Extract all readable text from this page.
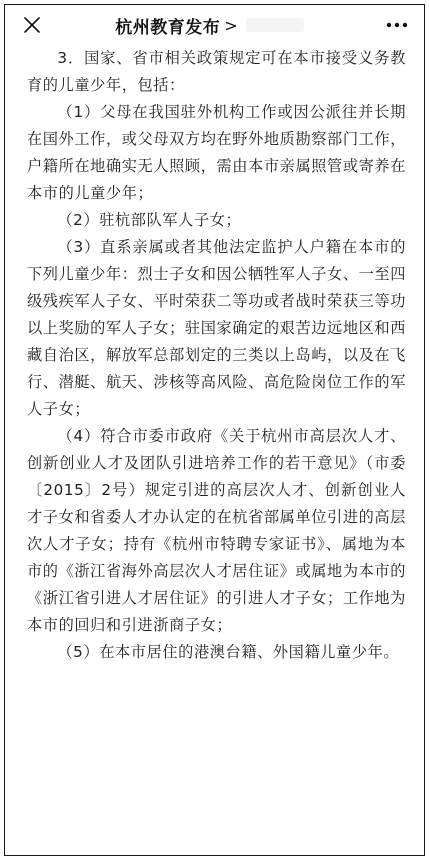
杭州教育发布 >

3．国家、省市相关政策规定可在本市接受义务教育的儿童少年，包括：

（1）父母在我国驻外机构工作或因公派往并长期在国外工作，或父母双方均在野外地质勘察部门工作，户籍所在地确实无人照顾，需由本市亲属照管或寄养在本市的儿童少年；

（2）驻杭部队军人子女；

（3）直系亲属或者其他法定监护人户籍在本市的下列儿童少年：烈士子女和因公牺牲军人子女、一至四级残疾军人子女、平时荣获二等功或者战时荣获三等功以上奖励的军人子女；驻国家确定的艰苦边远地区和西藏自治区，解放军总部划定的三类以上岛屿，以及在飞行、潜艇、航天、涉核等高风险、高危险岗位工作的军人子女；

（4）符合市委市政府《关于杭州市高层次人才、创新创业人才及团队引进培养工作的若干意见》（市委〔2015〕2号）规定引进的高层次人才、创新创业人才子女和省委人才办认定的在杭省部属单位引进的高层次人才子女；持有《杭州市特聘专家证书》、属地为本市的《浙江省海外高层次人才居住证》或属地为本市的《浙江省引进人才居住证》的引进人才子女；工作地为本市的回归和引进浙商子女；

（5）在本市居住的港澳台籍、外国籍儿童少年。
